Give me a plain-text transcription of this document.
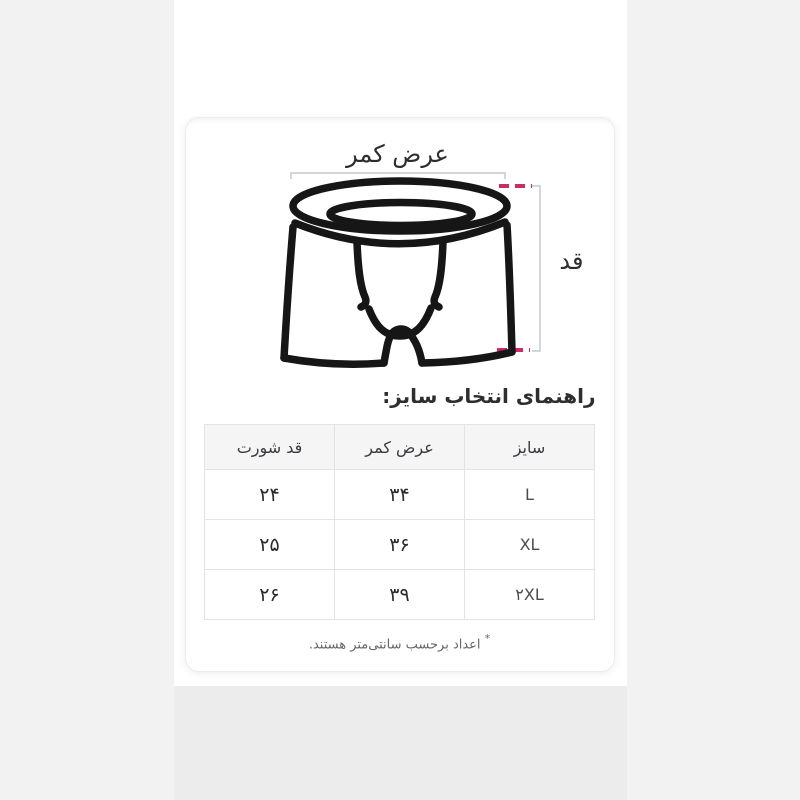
عرض کمر
قد
راهنمای انتخاب سایز:
سایز	عرض کمر	قد شورت
L	۳۴	۲۴
XL	۳۶	۲۵
۲XL	۳۹	۲۶
* اعداد برحسب سانتی‌متر هستند.
